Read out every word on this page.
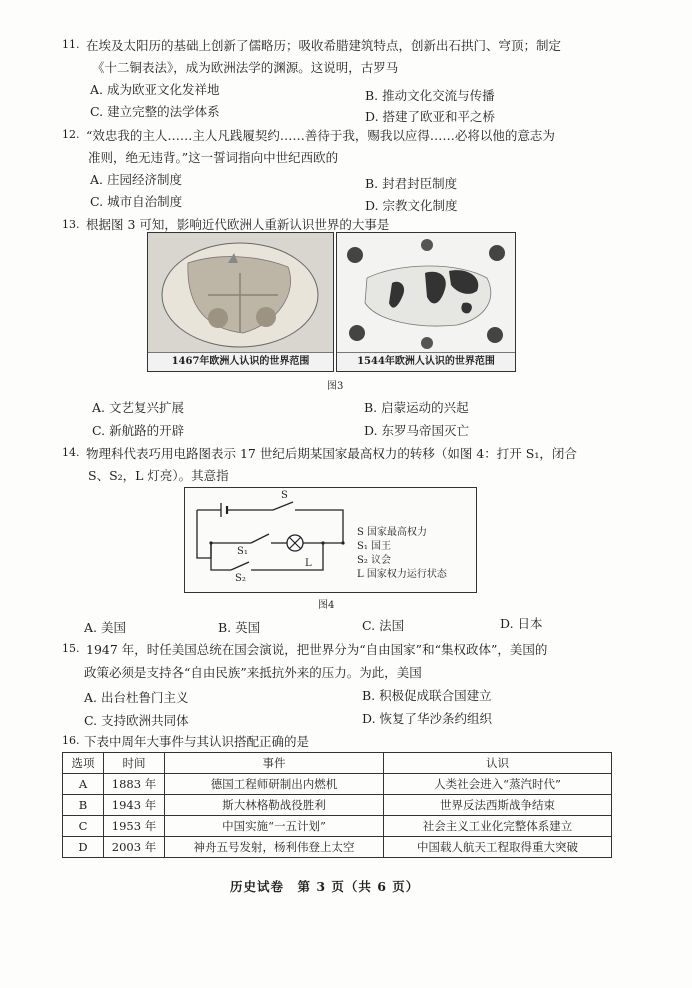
11. 在埃及太阳历的基础上创新了儒略历；吸收希腊建筑特点，创新出石拱门、穹顶；制定
《十二铜表法》，成为欧洲法学的渊源。这说明，古罗马
A. 成为欧亚文化发祥地	B. 推动文化交流与传播
C. 建立完整的法学体系	D. 搭建了欧亚和平之桥
12. “效忠我的主人……主人凡践履契约……善待于我，赐我以应得……必将以他的意志为
准则，绝无违背。”这一誓词指向中世纪西欧的
A. 庄园经济制度	B. 封君封臣制度
C. 城市自治制度	D. 宗教文化制度
13. 根据图 3 可知，影响近代欧洲人重新认识世界的大事是
1467年欧洲人认识的世界范围	1544年欧洲人认识的世界范围
图3
A. 文艺复兴扩展	B. 启蒙运动的兴起
C. 新航路的开辟	D. 东罗马帝国灭亡
14. 物理科代表巧用电路图表示 17 世纪后期某国家最高权力的转移（如图 4：打开 S₁，闭合
S、S₂，L 灯亮）。其意指
S
S₁
S₂
L
S 国家最高权力
S₁ 国王
S₂ 议会
L 国家权力运行状态
图4
A. 美国	B. 英国	C. 法国	D. 日本
15. 1947 年，时任美国总统在国会演说，把世界分为“自由国家”和“集权政体”，美国的
政策必须是支持各“自由民族”来抵抗外来的压力。为此，美国
A. 出台杜鲁门主义	B. 积极促成联合国建立
C. 支持欧洲共同体	D. 恢复了华沙条约组织
16. 下表中周年大事件与其认识搭配正确的是
选项	时间	事件	认识
A	1883 年	德国工程师研制出内燃机	人类社会进入“蒸汽时代”
B	1943 年	斯大林格勒战役胜利	世界反法西斯战争结束
C	1953 年	中国实施“一五计划”	社会主义工业化完整体系建立
D	2003 年	神舟五号发射，杨利伟登上太空	中国载人航天工程取得重大突破
历史试卷　第 3 页（共 6 页）
